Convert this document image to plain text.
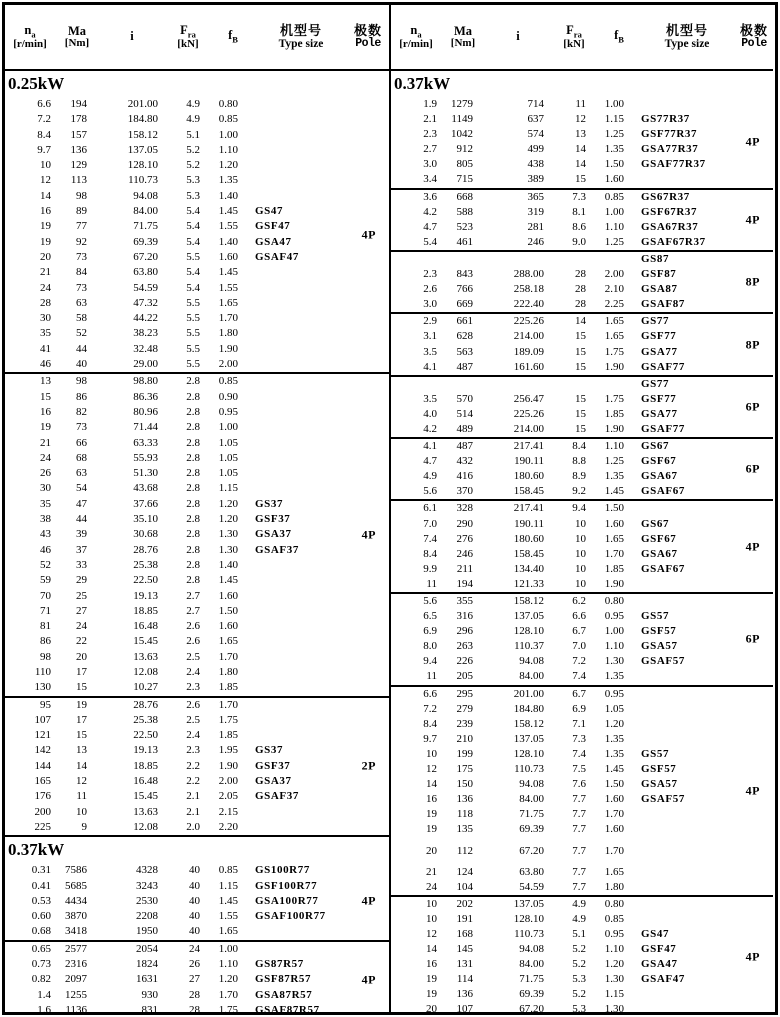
$n_a$
[r/min]
Ma
[Nm]	i	$F_{ra}$
[kN]
$f_B$
机型号
Type size
极数
Pole
0.25kW
6.6	194	201.00	4.9	0.80
7.2	178	184.80	4.9	0.85
8.4	157	158.12	5.1	1.00
9.7	136	137.05	5.2	1.10
10	129	128.10	5.2	1.20
12	113	110.73	5.3	1.35
14	98	94.08	5.3	1.40
16	89	84.00	5.4	1.45	GS47
19	77	71.75	5.4	1.55	GSF47
19	92	69.39	5.4	1.40	GSA47
20	73	67.20	5.5	1.60	GSAF47
21	84	63.80	5.4	1.45
24	73	54.59	5.4	1.55
28	63	47.32	5.5	1.65
30	58	44.22	5.5	1.70
35	52	38.23	5.5	1.80
41	44	32.48	5.5	1.90
46	40	29.00	5.5	2.00
4P
13	98	98.80	2.8	0.85
15	86	86.36	2.8	0.90
16	82	80.96	2.8	0.95
19	73	71.44	2.8	1.00
21	66	63.33	2.8	1.05
24	68	55.93	2.8	1.05
26	63	51.30	2.8	1.05
30	54	43.68	2.8	1.15
35	47	37.66	2.8	1.20	GS37
38	44	35.10	2.8	1.20	GSF37
43	39	30.68	2.8	1.30	GSA37
46	37	28.76	2.8	1.30	GSAF37
52	33	25.38	2.8	1.40
59	29	22.50	2.8	1.45
70	25	19.13	2.7	1.60
71	27	18.85	2.7	1.50
81	24	16.48	2.6	1.60
86	22	15.45	2.6	1.65
98	20	13.63	2.5	1.70
110	17	12.08	2.4	1.80
130	15	10.27	2.3	1.85
4P
95	19	28.76	2.6	1.70
107	17	25.38	2.5	1.75
121	15	22.50	2.4	1.85
142	13	19.13	2.3	1.95	GS37
144	14	18.85	2.2	1.90	GSF37
165	12	16.48	2.2	2.00	GSA37
176	11	15.45	2.1	2.05	GSAF37
200	10	13.63	2.1	2.15
225	9	12.08	2.0	2.20
2P
0.37kW
0.31	7586	4328	40	0.85	GS100R77
0.41	5685	3243	40	1.15	GSF100R77
0.53	4434	2530	40	1.45	GSA100R77
0.60	3870	2208	40	1.55	GSAF100R77
0.68	3418	1950	40	1.65
4P
0.65	2577	2054	24	1.00
0.73	2316	1824	26	1.10	GS87R57
0.82	2097	1631	27	1.20	GSF87R57
1.4	1255	930	28	1.70	GSA87R57
1.6	1136	831	28	1.75	GSAF87R57
4P
$n_a$
[r/min]
Ma
[Nm]	i	$F_{ra}$
[kN]
$f_B$
机型号
Type size
极数
Pole
0.37kW
1.9	1279	714	11	1.00
2.1	1149	637	12	1.15	GS77R37
2.3	1042	574	13	1.25	GSF77R37
2.7	912	499	14	1.35	GSA77R37
3.0	805	438	14	1.50	GSAF77R37
3.4	715	389	15	1.60
4P
3.6	668	365	7.3	0.85	GS67R37
4.2	588	319	8.1	1.00	GSF67R37
4.7	523	281	8.6	1.10	GSA67R37
5.4	461	246	9.0	1.25	GSAF67R37
4P
GS87
2.3	843	288.00	28	2.00	GSF87
2.6	766	258.18	28	2.10	GSA87
3.0	669	222.40	28	2.25	GSAF87
8P
2.9	661	225.26	14	1.65	GS77
3.1	628	214.00	15	1.65	GSF77
3.5	563	189.09	15	1.75	GSA77
4.1	487	161.60	15	1.90	GSAF77
8P
GS77
3.5	570	256.47	15	1.75	GSF77
4.0	514	225.26	15	1.85	GSA77
4.2	489	214.00	15	1.90	GSAF77
6P
4.1	487	217.41	8.4	1.10	GS67
4.7	432	190.11	8.8	1.25	GSF67
4.9	416	180.60	8.9	1.35	GSA67
5.6	370	158.45	9.2	1.45	GSAF67
6P
6.1	328	217.41	9.4	1.50
7.0	290	190.11	10	1.60	GS67
7.4	276	180.60	10	1.65	GSF67
8.4	246	158.45	10	1.70	GSA67
9.9	211	134.40	10	1.85	GSAF67
11	194	121.33	10	1.90
4P
5.6	355	158.12	6.2	0.80
6.5	316	137.05	6.6	0.95	GS57
6.9	296	128.10	6.7	1.00	GSF57
8.0	263	110.37	7.0	1.10	GSA57
9.4	226	94.08	7.2	1.30	GSAF57
11	205	84.00	7.4	1.35
6P
6.6	295	201.00	6.7	0.95
7.2	279	184.80	6.9	1.05
8.4	239	158.12	7.1	1.20
9.7	210	137.05	7.3	1.35
10	199	128.10	7.4	1.35	GS57
12	175	110.73	7.5	1.45	GSF57
14	150	94.08	7.6	1.50	GSA57
16	136	84.00	7.7	1.60	GSAF57
19	118	71.75	7.7	1.70
19	135	69.39	7.7	1.60
20	112	67.20	7.7	1.70
21	124	63.80	7.7	1.65
24	104	54.59	7.7	1.80
4P
10	202	137.05	4.9	0.80
10	191	128.10	4.9	0.85
12	168	110.73	5.1	0.95	GS47
14	145	94.08	5.2	1.10	GSF47
16	131	84.00	5.2	1.20	GSA47
19	114	71.75	5.3	1.30	GSAF47
19	136	69.39	5.2	1.15
20	107	67.20	5.3	1.30
4P
